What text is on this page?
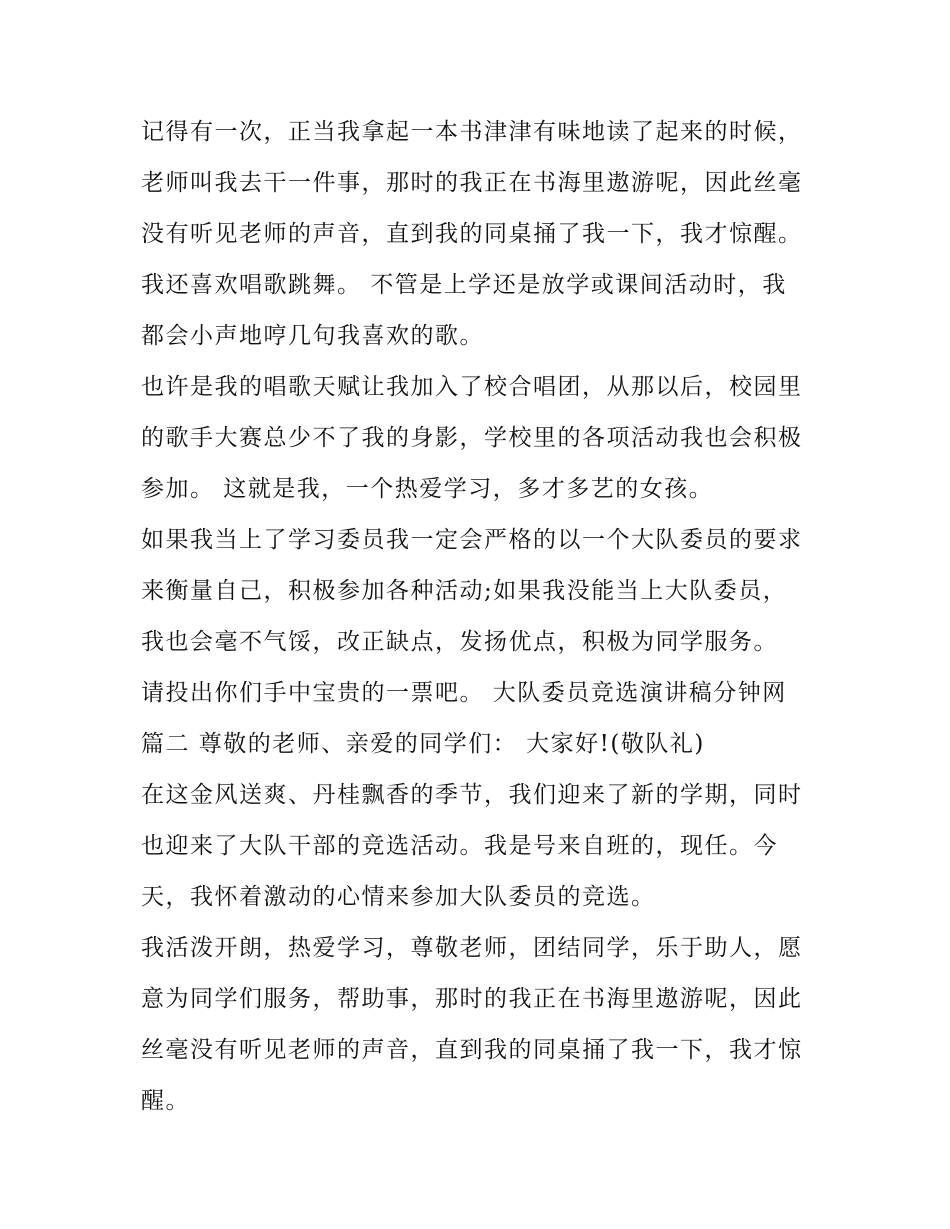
记得有一次，正当我拿起一本书津津有味地读了起来的时候，
老师叫我去干一件事，那时的我正在书海里遨游呢，因此丝毫
没有听见老师的声音，直到我的同桌捅了我一下，我才惊醒。
我还喜欢唱歌跳舞。 不管是上学还是放学或课间活动时，我
都会小声地哼几句我喜欢的歌。
也许是我的唱歌天赋让我加入了校合唱团，从那以后，校园里
的歌手大赛总少不了我的身影，学校里的各项活动我也会积极
参加。 这就是我，一个热爱学习，多才多艺的女孩。
如果我当上了学习委员我一定会严格的以一个大队委员的要求
来衡量自己，积极参加各种活动;如果我没能当上大队委员，
我也会毫不气馁，改正缺点，发扬优点，积极为同学服务。
请投出你们手中宝贵的一票吧。 大队委员竞选演讲稿分钟网
篇二 尊敬的老师、亲爱的同学们： 大家好!(敬队礼)
在这金风送爽、丹桂飘香的季节，我们迎来了新的学期，同时
也迎来了大队干部的竞选活动。我是号来自班的，现任。今
天，我怀着激动的心情来参加大队委员的竞选。
我活泼开朗，热爱学习，尊敬老师，团结同学，乐于助人，愿
意为同学们服务，帮助事，那时的我正在书海里遨游呢，因此
丝毫没有听见老师的声音，直到我的同桌捅了我一下，我才惊
醒。
